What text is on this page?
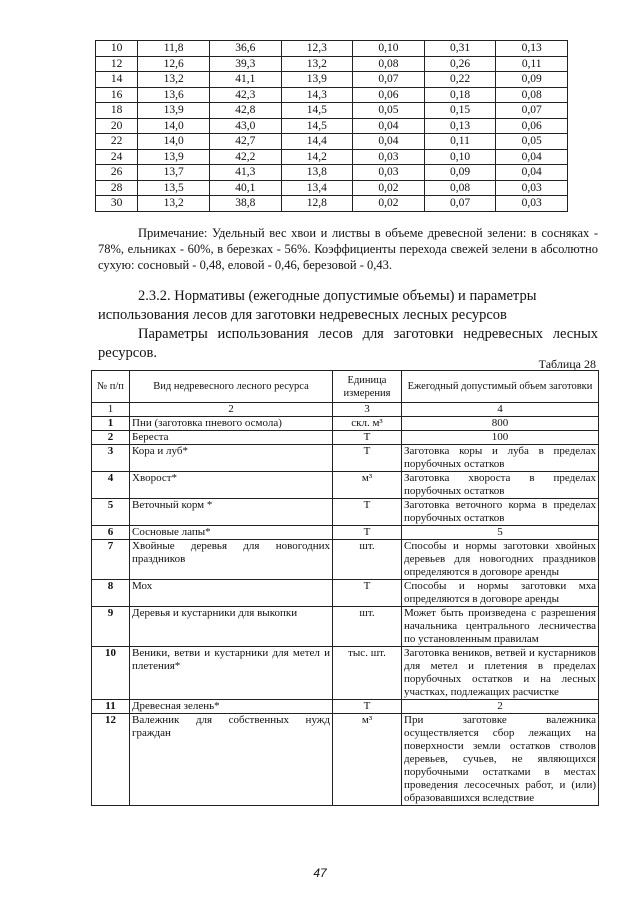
10	11,8	36,6	12,3	0,10	0,31	0,13
12	12,6	39,3	13,2	0,08	0,26	0,11
14	13,2	41,1	13,9	0,07	0,22	0,09
16	13,6	42,3	14,3	0,06	0,18	0,08
18	13,9	42,8	14,5	0,05	0,15	0,07
20	14,0	43,0	14,5	0,04	0,13	0,06
22	14,0	42,7	14,4	0,04	0,11	0,05
24	13,9	42,2	14,2	0,03	0,10	0,04
26	13,7	41,3	13,8	0,03	0,09	0,04
28	13,5	40,1	13,4	0,02	0,08	0,03
30	13,2	38,8	12,8	0,02	0,07	0,03
Примечание: Удельный вес хвои и листвы в объеме древесной зелени: в сосняках - 78%, ельниках - 60%, в березках - 56%. Коэффициенты перехода свежей зелени в абсолютно сухую: сосновый - 0,48, еловой - 0,46, березовой - 0,43.
2.3.2. Нормативы (ежегодные допустимые объемы) и параметры использования лесов для заготовки недревесных лесных ресурсов
Параметры использования лесов для заготовки недревесных лесных ресурсов.
Таблица 28
№ п/п	Вид недревесного лесного ресурса	Единица измерения	Ежегодный допустимый объем заготовки
1	2	3	4
1	Пни (заготовка пневого осмола)	скл. м³	800
2	Береста	Т	100
3	Кора и луб*	Т	Заготовка коры и луба в пределах порубочных остатков
4	Хворост*	м³	Заготовка хвороста в пределах порубочных остатков
5	Веточный корм *	Т	Заготовка веточного корма в пределах порубочных остатков
6	Сосновые лапы*	Т	5
7	Хвойные деревья для новогодних праздников	шт.	Способы и нормы заготовки хвойных деревьев для новогодних праздников определяются в договоре аренды
8	Мох	Т	Способы и нормы заготовки мха определяются в договоре аренды
9	Деревья и кустарники для выкопки	шт.	Может быть произведена с разрешения начальника центрального лесничества по установленным правилам
10	Веники, ветви и кустарники для метел и плетения*	тыс. шт.	Заготовка веников, ветвей и кустарников для метел и плетения в пределах порубочных остатков и на лесных участках, подлежащих расчистке
11	Древесная зелень*	Т	2
12	Валежник для собственных нужд граждан	м³	При заготовке валежника осуществляется сбор лежащих на поверхности земли остатков стволов деревьев, сучьев, не являющихся порубочными остатками в местах проведения лесосечных работ, и (или) образовавшихся вследствие
47
